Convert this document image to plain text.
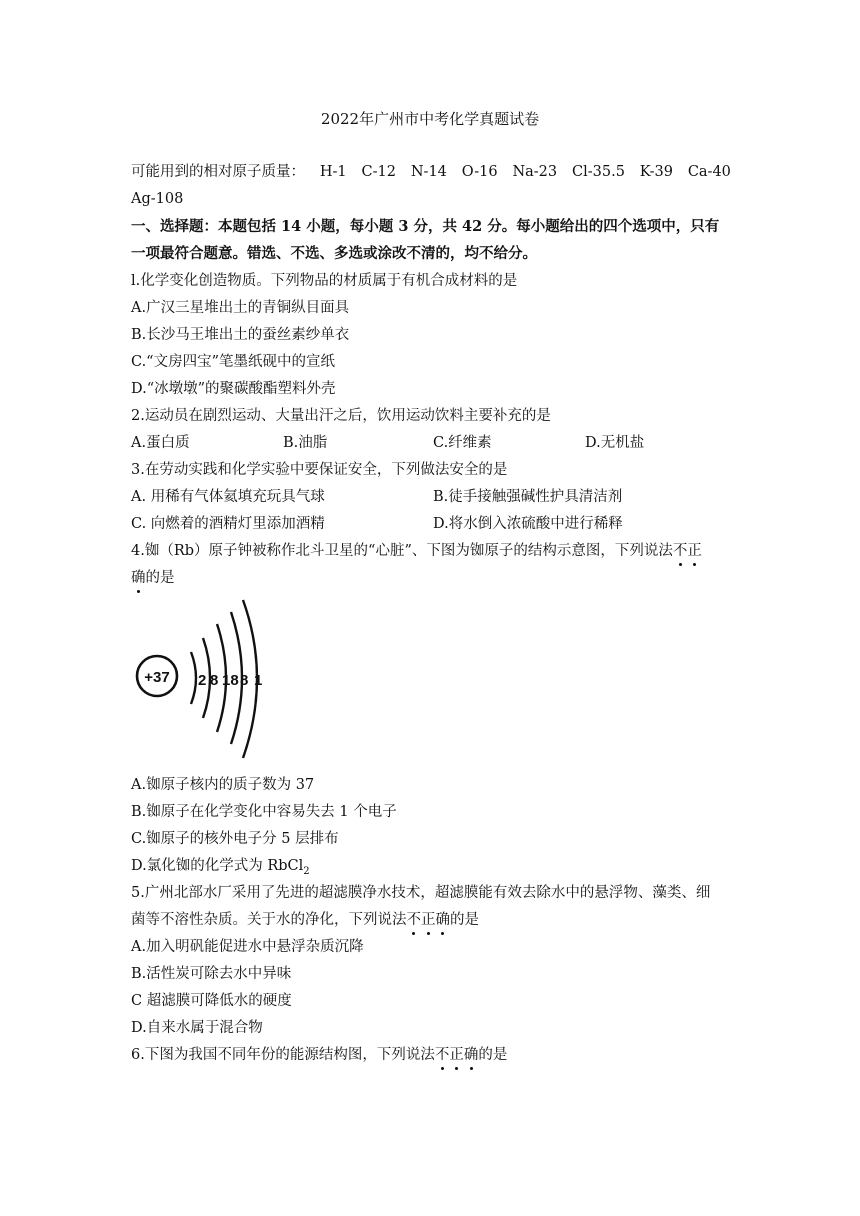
2022年广州市中考化学真题试卷
可能用到的相对原子质量： H-1 C-12 N-14 O-16 Na-23 Cl-35.5 K-39 Ca-40
Ag-108
一、选择题：本题包括 14 小题，每小题 3 分，共 42 分。每小题给出的四个选项中，只有
一项最符合题意。错选、不选、多选或涂改不清的，均不给分。
l.化学变化创造物质。下列物品的材质属于有机合成材料的是
A.广汉三星堆出土的青铜纵目面具
B.长沙马王堆出土的蚕丝素纱单衣
C.“文房四宝”笔墨纸砚中的宣纸
D.“冰墩墩”的聚碳酸酯塑料外壳
2.运动员在剧烈运动、大量出汗之后，饮用运动饮料主要补充的是
A.蛋白质	B.油脂	C.纤维素	D.无机盐
3.在劳动实践和化学实验中要保证安全，下列做法安全的是
A. 用稀有气体氦填充玩具气球	B.徒手接触强碱性护具清洁剂
C. 向燃着的酒精灯里添加酒精	D.将水倒入浓硫酸中进行稀释
4.铷（Rb）原子钟被称作北斗卫星的“心脏”、下图为铷原子的结构示意图，下列说法不正
确的是
+37 2 8 18 8 1
A.铷原子核内的质子数为 37
B.铷原子在化学变化中容易失去 1 个电子
C.铷原子的核外电子分 5 层排布
D.氯化铷的化学式为 RbCl$_2$
5.广州北部水厂采用了先进的超滤膜净水技术，超滤膜能有效去除水中的悬浮物、藻类、细
菌等不溶性杂质。关于水的净化，下列说法不正确的是
A.加入明矾能促进水中悬浮杂质沉降
B.活性炭可除去水中异味
C 超滤膜可降低水的硬度
D.自来水属于混合物
6.下图为我国不同年份的能源结构图，下列说法不正确的是
